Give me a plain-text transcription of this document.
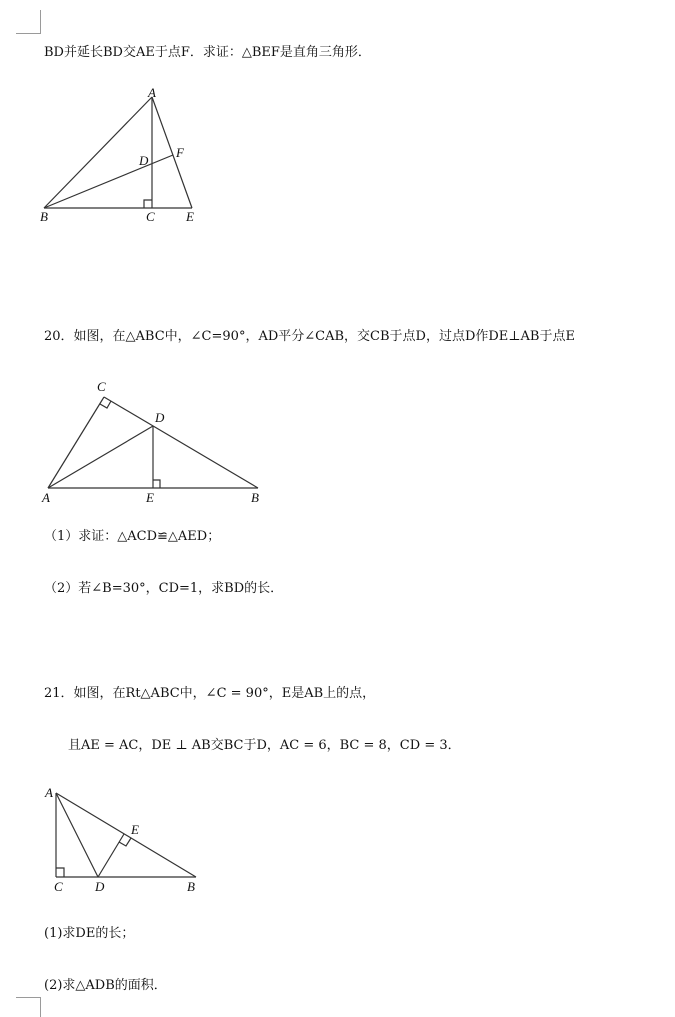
BD并延长BD交AE于点F．求证：△BEF是直角三角形．
A
B	C
D
E
F
20．如图，在△ABC中，∠C=90°，AD平分∠CAB，交CB于点D，过点D作DE⊥AB于点E
C
D
A	E	B
（1）求证：△ACD≌△AED；
（2）若∠B=30°，CD=1，求BD的长．
21．如图，在Rt△ABC中，∠C = 90°，E是AB上的点，
且AE = AC，DE ⊥ AB交BC于D，AC = 6，BC = 8，CD = 3．
A
C D
E
B
(1)求DE的长；
(2)求△ADB的面积．
